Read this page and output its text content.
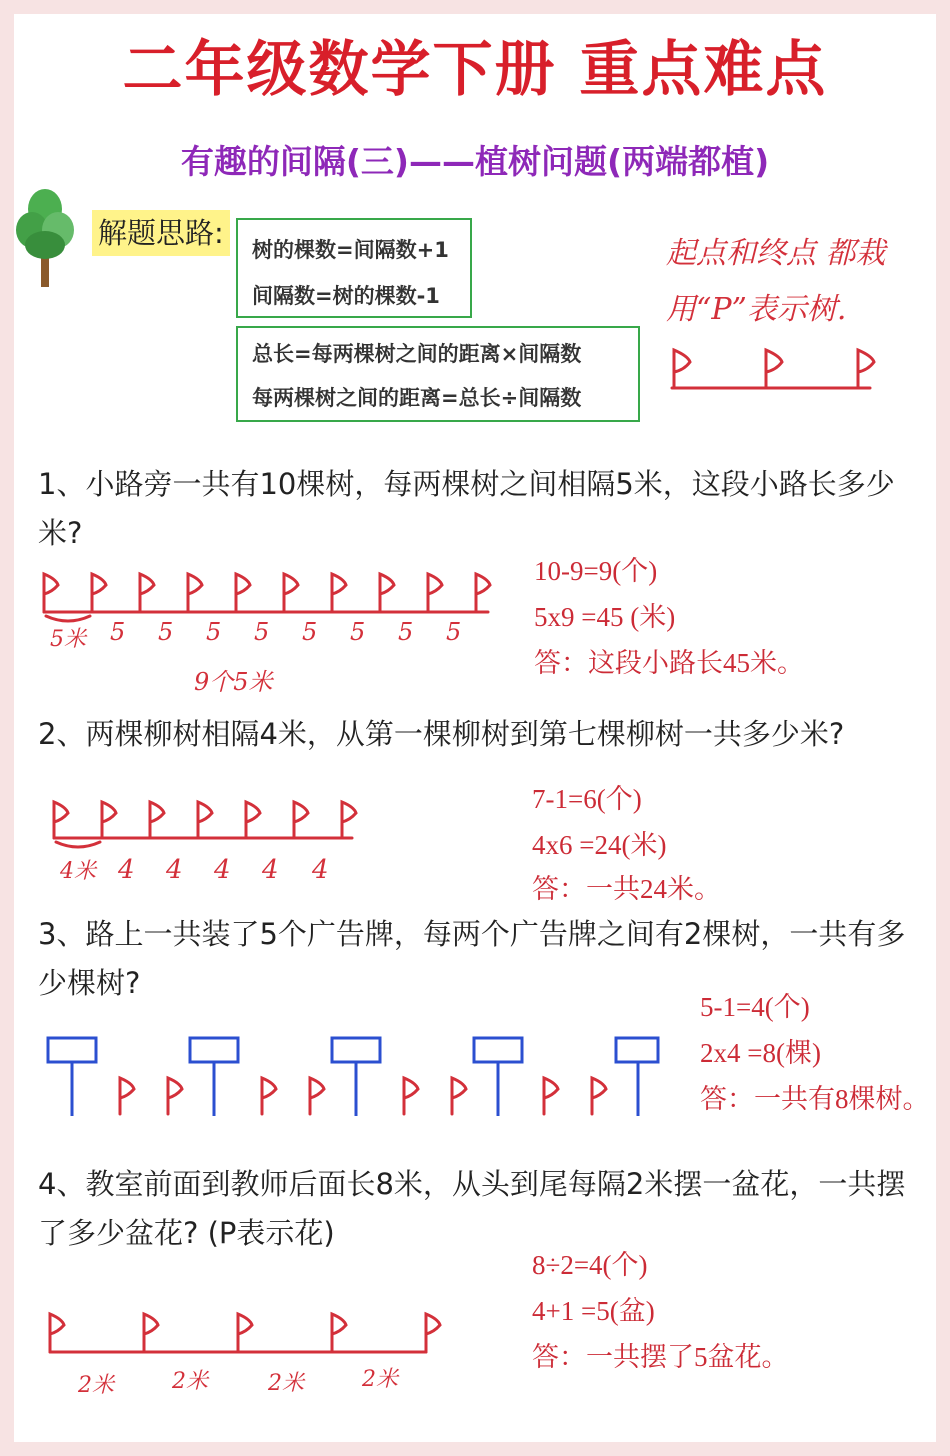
二年级数学下册 重点难点
有趣的间隔(三)——植树问题(两端都植)
解题思路: 树的棵数=间隔数+1
间隔数=树的棵数-1
总长=每两棵树之间的距离×间隔数
每两棵树之间的距离=总长÷间隔数
起点和终点 都栽
用“P”表示树.
1、小路旁一共有10棵树，每两棵树之间相隔5米，这段小路长多少米?
5米 5 5 5 5 5 5 5 5
9个5米
10-9=9(个)
5x9 =45 (米)
答：这段小路长45米。
2、两棵柳树相隔4米，从第一棵柳树到第七棵柳树一共多少米?
4米 4 4 4 4 4
7-1=6(个)
4x6 =24(米)
答：一共24米。
3、路上一共装了5个广告牌，每两个广告牌之间有2棵树，一共有多少棵树?
5-1=4(个)
2x4 =8(棵)
答：一共有8棵树。
4、教室前面到教师后面长8米，从头到尾每隔2米摆一盆花，一共摆了多少盆花? (P表示花)
2米	2米	2米	2米
8÷2=4(个)
4+1 =5(盆)
答：一共摆了5盆花。
